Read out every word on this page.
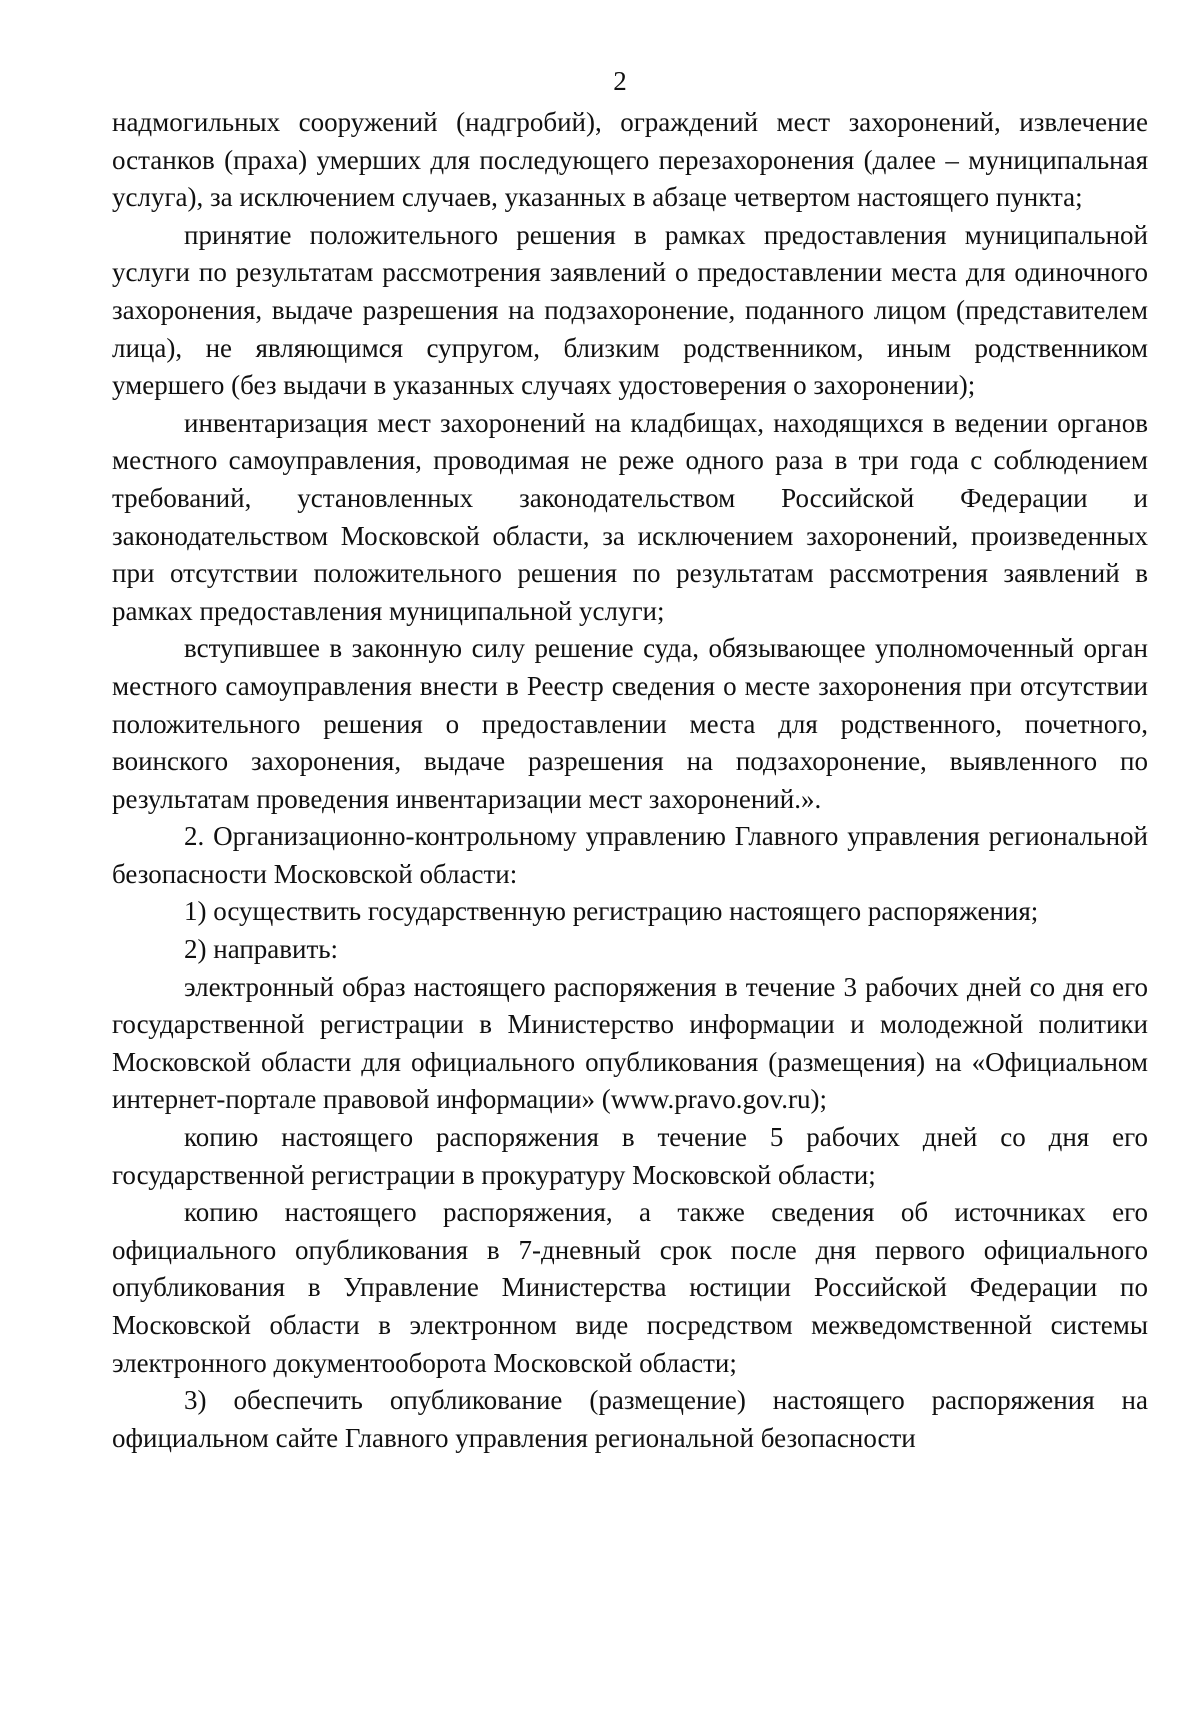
2

надмогильных сооружений (надгробий), ограждений мест захоронений, извлечение останков (праха) умерших для последующего перезахоронения (далее – муниципальная услуга), за исключением случаев, указанных в абзаце четвертом настоящего пункта;

принятие положительного решения в рамках предоставления муниципальной услуги по результатам рассмотрения заявлений о предоставлении места для одиночного захоронения, выдаче разрешения на подзахоронение, поданного лицом (представителем лица), не являющимся супругом, близким родственником, иным родственником умершего (без выдачи в указанных случаях удостоверения о захоронении);

инвентаризация мест захоронений на кладбищах, находящихся в ведении органов местного самоуправления, проводимая не реже одного раза в три года с соблюдением требований, установленных законодательством Российской Федерации и законодательством Московской области, за исключением захоронений, произведенных при отсутствии положительного решения по результатам рассмотрения заявлений в рамках предоставления муниципальной услуги;

вступившее в законную силу решение суда, обязывающее уполномоченный орган местного самоуправления внести в Реестр сведения о месте захоронения при отсутствии положительного решения о предоставлении места для родственного, почетного, воинского захоронения, выдаче разрешения на подзахоронение, выявленного по результатам проведения инвентаризации мест захоронений.».

2. Организационно-контрольному управлению Главного управления региональной безопасности Московской области:

1) осуществить государственную регистрацию настоящего распоряжения;

2) направить:

электронный образ настоящего распоряжения в течение 3 рабочих дней со дня его государственной регистрации в Министерство информации и молодежной политики Московской области для официального опубликования (размещения) на «Официальном интернет-портале правовой информации» (www.pravo.gov.ru);

копию настоящего распоряжения в течение 5 рабочих дней со дня его государственной регистрации в прокуратуру Московской области;

копию настоящего распоряжения, а также сведения об источниках его официального опубликования в 7-дневный срок после дня первого официального опубликования в Управление Министерства юстиции Российской Федерации по Московской области в электронном виде посредством межведомственной системы электронного документооборота Московской области;

3) обеспечить опубликование (размещение) настоящего распоряжения на официальном сайте Главного управления региональной безопасности
